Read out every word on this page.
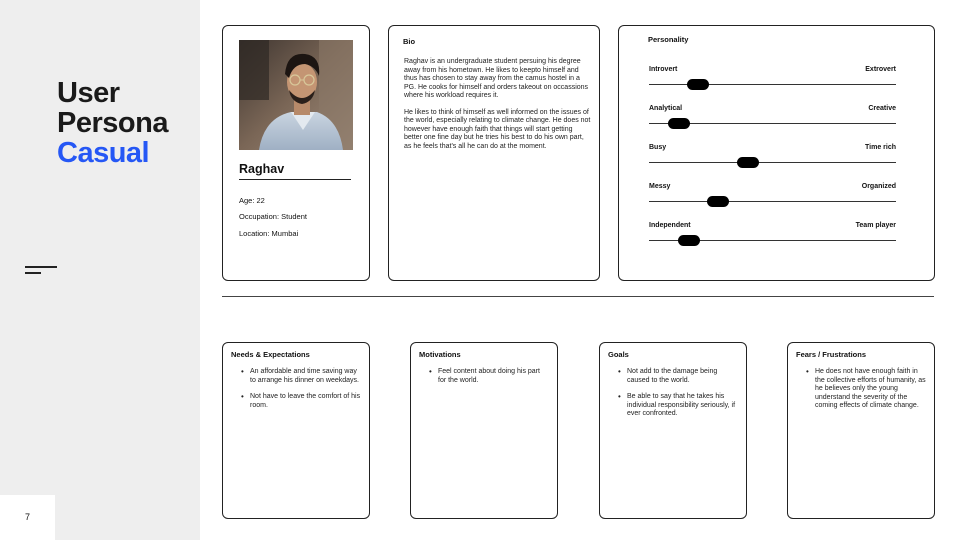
User
Persona
Casual
7
Raghav
Age: 22
Occupation: Student
Location: Mumbai
Bio

Raghav is an undergraduate student persuing his degree away from his hometown. He likes to keepto himself and thus has chosen to stay away from the camus hostel in a PG. He cooks for himself and orders takeout on occassions where his workload requires it.

He likes to think of himself as well informed on the issues of the world, especially relating to climate change. He does not however have enough faith that things will start getting better one fine day but he tries his best to do his own part, as he feels that's all he can do at the moment.

Personality
Introvert	Extrovert
Analytical	Creative
Busy	Time rich
Messy	Organized
Independent	Team player
Needs & Expectations
• An affordable and time saving way to arrange his dinner on weekdays.
• Not have to leave the comfort of his room.
Motivations
• Feel content about doing his part for the world.
Goals
• Not add to the damage being caused to the world.
• Be able to say that he takes his individual responsibility seriously, if ever confronted.
Fears / Frustrations
• He does not have enough faith in the collective efforts of humanity, as he believes only the young understand the severity of the coming effects of climate change.
